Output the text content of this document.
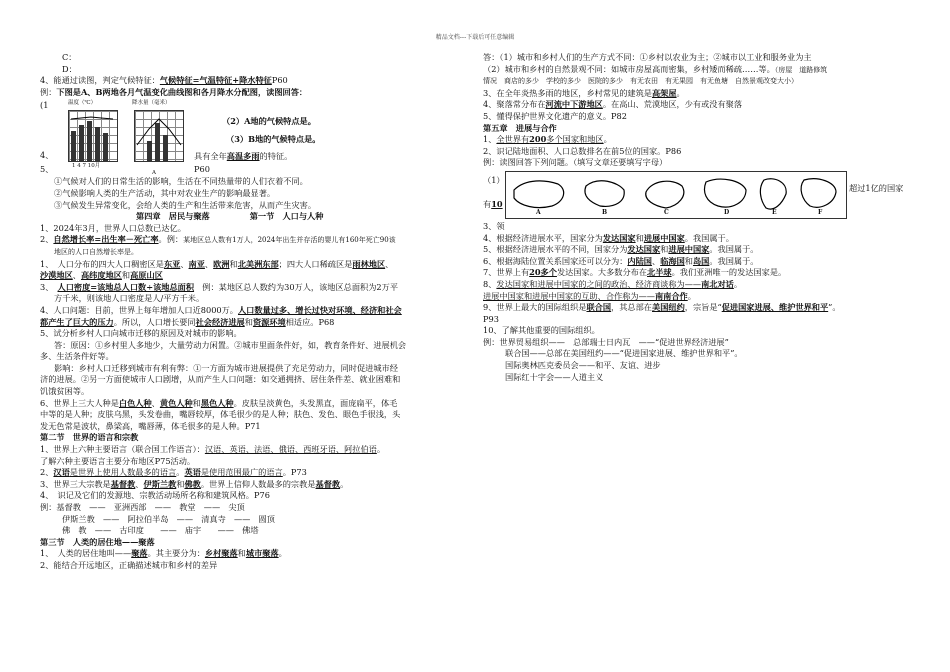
精品文档---下载后可任意编辑
C：
D：
4、能通过读图，判定气候特征：气候特征=气温特征+降水特征P60
例：下图是A、B两地各月气温变化曲线图和各月降水分配图，读图回答：
(1	温度（℃）	降水量（毫米）
1 4 7 10月
A
（2）A地的气候特点是。
（3）B地的气候特点是。
4、
5、
具有全年高温多雨的特征。
P60
①气候对人们的日常生活的影响，生活在不同热量带的人们衣着不同。
②气候影响人类的生产活动，其中对农业生产的影响最显著。
③气候发生异常变化，会给人类的生产和生活带来危害，从而产生灾害。
第四章　居民与聚落	第一节　人口与人种
1、2024年3月，世界人口总数已达亿。
2、自然增长率=出生率－死亡率。例：某地区总人数有1万人，2024年出生并存活的婴儿有160年死亡90该
地区的人口自然增长率是。
1、　人口分布的四大人口稠密区是东亚、南亚、欧洲和北美洲东部；四大人口稀疏区是雨林地区、
沙漠地区、高纬度地区和高原山区
3、　 人口密度=该地总人口数÷该地总面积　 例：某地区总人数约为30万人，该地区总面积为2万平
方千米，则该地人口密度是人/平方千米。
4、人口问题：目前，世界上每年增加人口近8000万。人口数量过多、增长过快对环境、经济和社会
都产生了巨大的压力。所以，人口增长要同社会经济进展和资源环境相适应。P68
5、试分析乡村人口向城市迁移的原因及对城市的影响。
答：原因：①乡村里人多地少，大量劳动力闲置。②城市里面条件好，如，教育条件好、进展机会
多、生活条件好等。
影响：乡村人口迁移到城市有利有弊：①一方面为城市进展提供了充足劳动力，同时促进城市经
济的进展。②另一方面使城市人口剧增，从而产生人口问题：如交通拥挤、居住条件差、就业困难和
饥饿贫困等。
6、世界上三大人种是白色人种、黄色人种和黑色人种。皮肤呈淡黄色，头发黑直，面庞扁平，体毛
中等的是人种；皮肤乌黑，头发卷曲，嘴唇较厚，体毛很少的是人种；肤色、发色、眼色手很浅，头
发无色常是波状，鼻梁高，嘴唇薄，体毛很多的是人种。P71
第二节　世界的语言和宗教
1、世界上六种主要语言（联合国工作语言）：汉语、英语、法语、俄语、西班牙语、阿拉伯语。
了解六种主要语言主要分布地区P75活动。
2、汉语是世界上使用人数最多的语言。英语是使用范围最广的语言。P73
3、世界三大宗教是基督教、伊斯兰教和佛教。世界上信仰人数最多的宗教是基督教。
4、　识记及它们的发源地、宗教活动场所名称和建筑风格。P76
例：基督教　——　亚洲西部　——　教堂　——　尖顶
伊斯兰教　——　阿拉伯半岛　——　清真寺　——　圆顶
佛　教　——　古印度　　——　庙宇　　——　佛塔
第三节　人类的居住地——聚落
1、　人类的居住地叫——聚落。其主要分为：乡村聚落和城市聚落。
2、能结合开远地区，正确描述城市和乡村的差异
答：（1）城市和乡村人们的生产方式不同：①乡村以农业为主；②城市以工业和服务业为主
（2）城市和乡村的自然景观不同：如城市房屋高而密集，乡村矮而稀疏……等。（房屋　道路修筑
情况　商店的多少　学校的多少　医院的多少　有无农田　有无果园　有无鱼塘　自然景观改变大小）
3、在全年炎热多雨的地区，乡村常见的建筑是高架屋。
4、聚落常分布在河流中下游地区。在高山、荒漠地区，少有或没有聚落
5、懂得保护世界文化遗产的意义。P82
第五章　进展与合作
1、全世界有200多个国家和地区。
2、识记陆地面积、人口总数排名在前5位的国家。P86
例：读图回答下列问题。（填写文章还要填写字母）
（1）
有10
A	B	C	D	E	F
超过1亿的国家
3、领
4、根据经济进展水平，国家分为发达国家和进展中国家。我国属于。
5、根据经济进展水平的不同，国家分为发达国家和进展中国家。我国属于。
6、根据海陆位置关系国家还可以分为：内陆国、临海国和岛国。我国属于。
7、世界上有20多个发达国家。大多数分布在北半球。我们亚洲唯一的发达国家是。
8、发达国家和进展中国家的之间的政治、经济商谈称为——南北对话。
进展中国家和进展中国家的互助、合作称为——南南合作。
9、世界上最大的国际组织是联合国，其总部在美国纽约，宗旨是“促进国家进展、维护世界和平”。
P93
10、了解其他重要的国际组织。
例：世界贸易组织——　总部瑞士日内瓦　——“促进世界经济进展”
联合国——总部在美国纽约——“促进国家进展、维护世界和平”。
国际奥林匹克委员会——和平、友谊、进步
国际红十字会——人道主义
